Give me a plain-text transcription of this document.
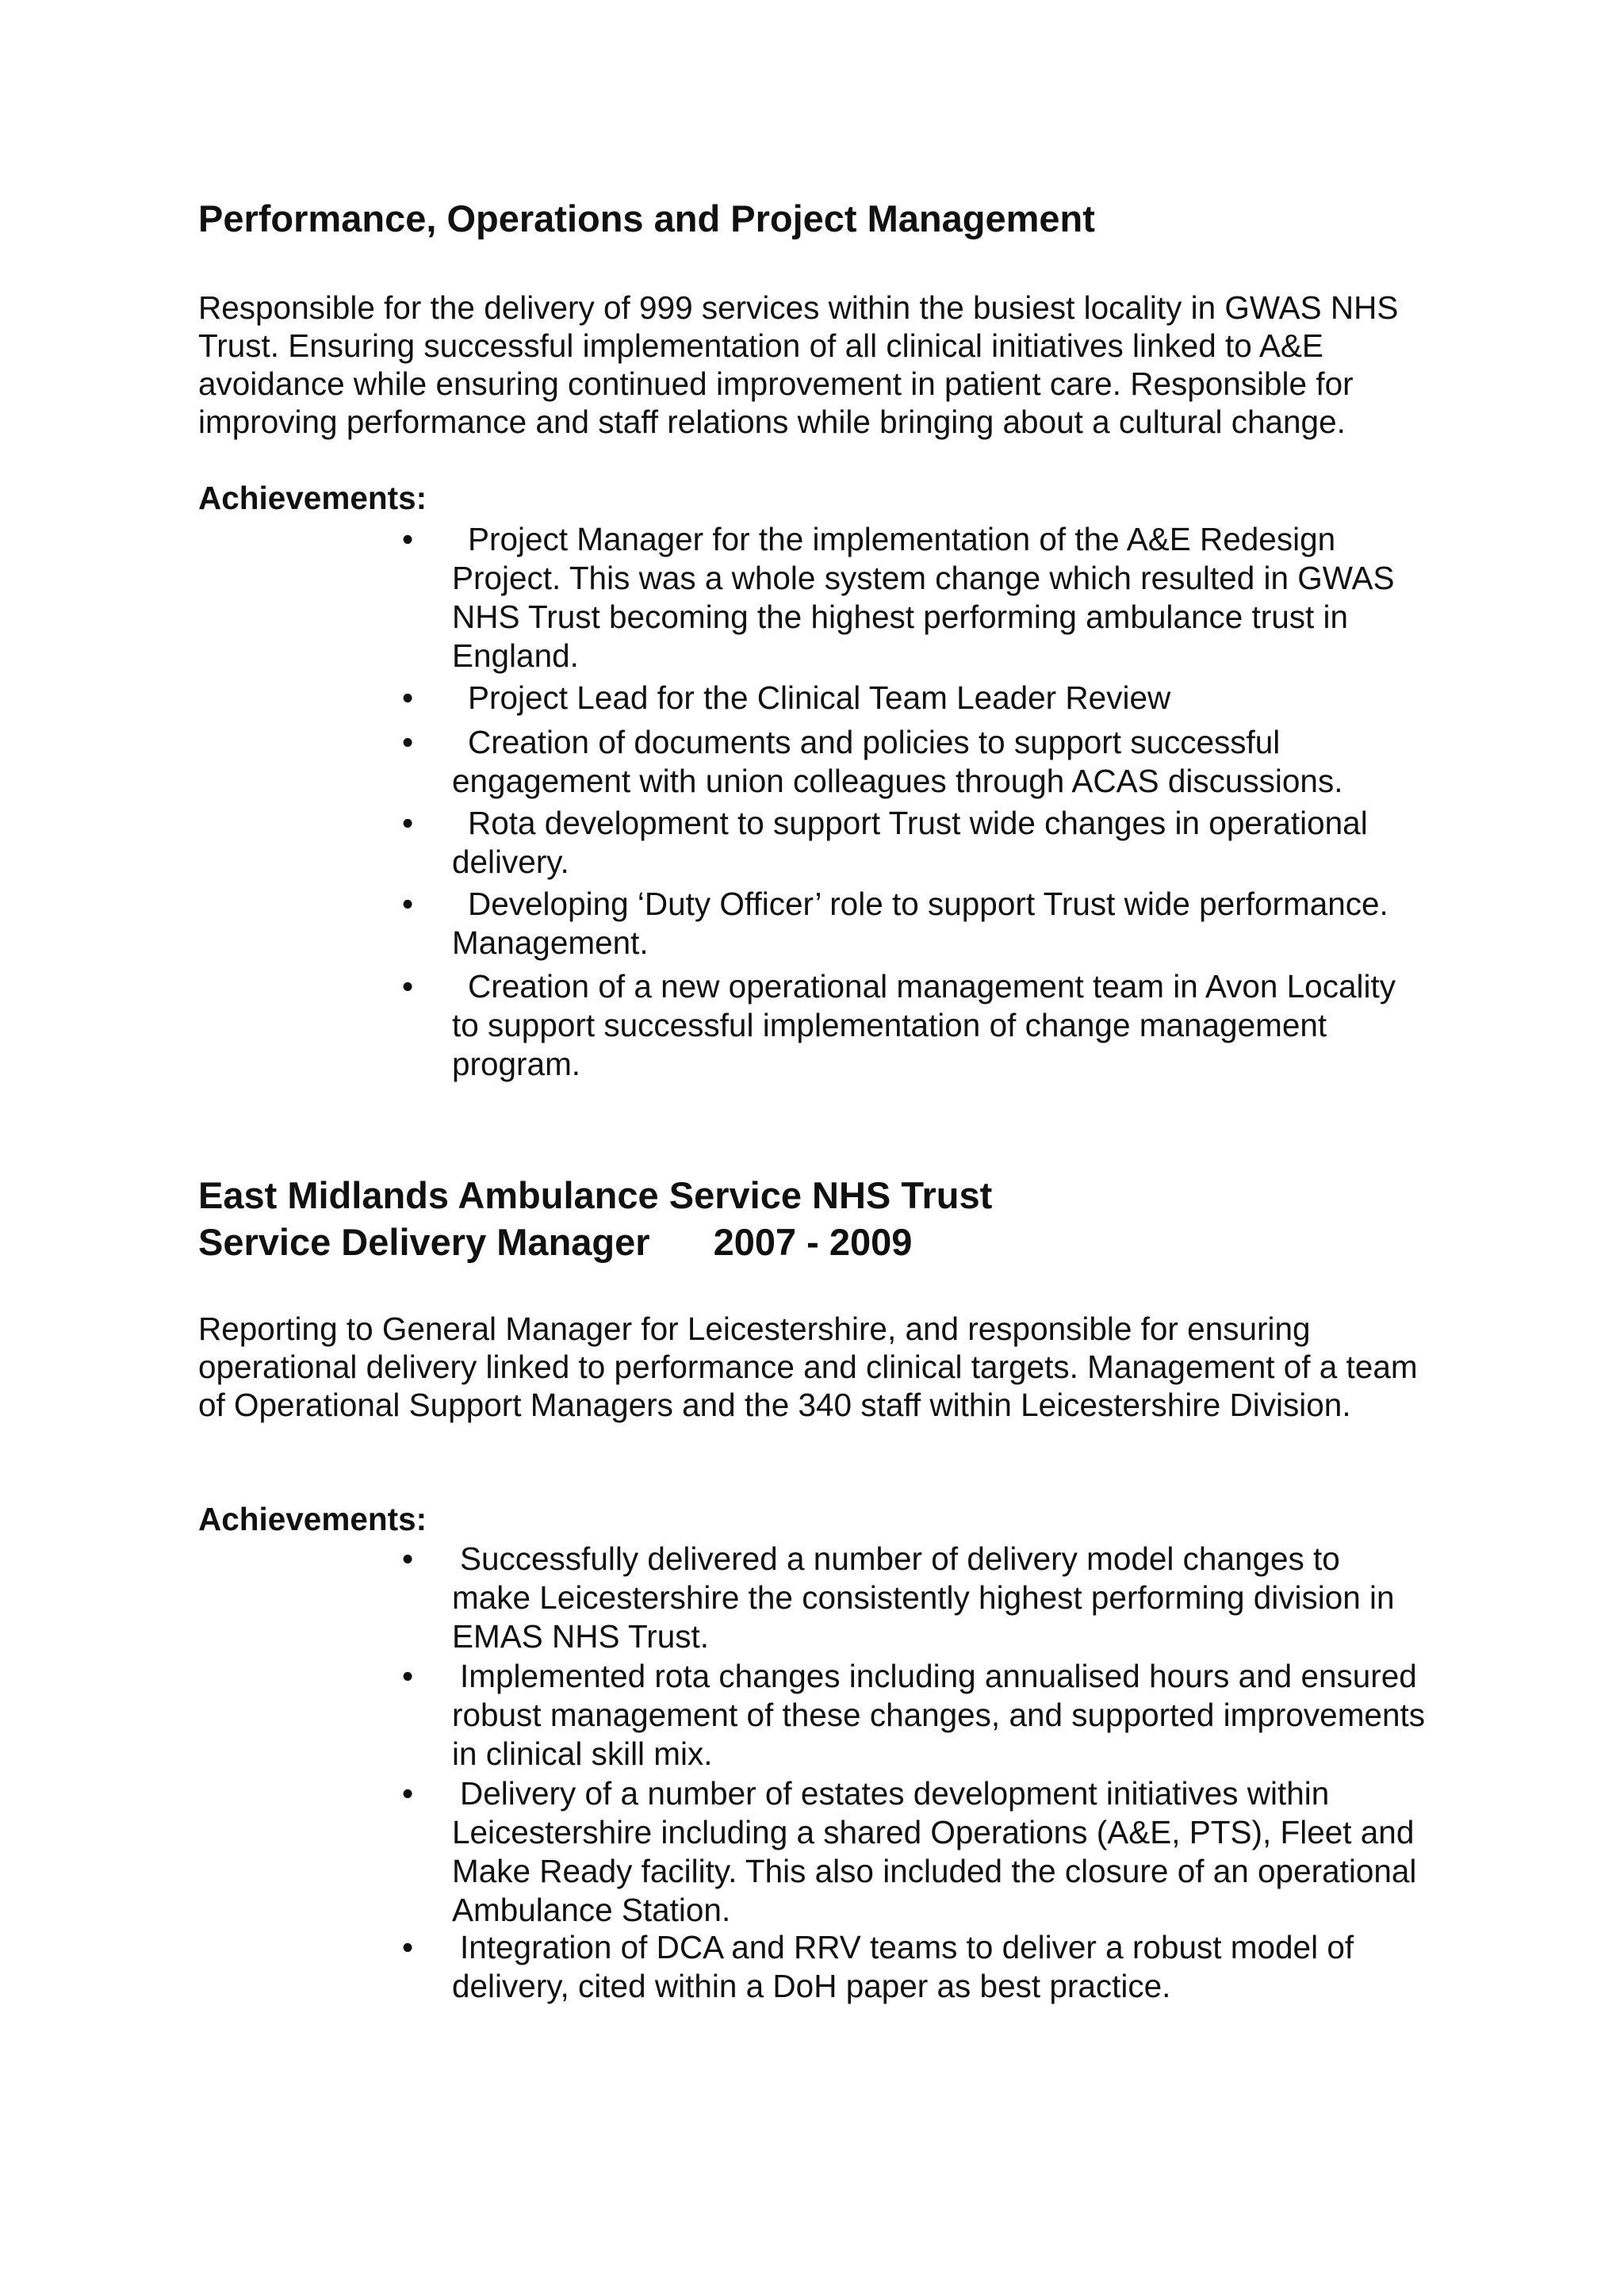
Performance, Operations and Project Management

Responsible for the delivery of 999 services within the busiest locality in GWAS NHS Trust. Ensuring successful implementation of all clinical initiatives linked to A&E avoidance while ensuring continued improvement in patient care. Responsible for improving performance and staff relations while bringing about a cultural change.

Achievements:

•	Project Manager for the implementation of the A&E Redesign Project. This was a whole system change which resulted in GWAS NHS Trust becoming the highest performing ambulance trust in England.

•	Project Lead for the Clinical Team Leader Review

•	Creation of documents and policies to support successful engagement with union colleagues through ACAS discussions.

•	Rota development to support Trust wide changes in operational delivery.

•	Developing ‘Duty Officer’ role to support Trust wide performance. Management.

•	Creation of a new operational management team in Avon Locality to support successful implementation of change management program.

East Midlands Ambulance Service NHS Trust
Service Delivery Manager 2007 - 2009

Reporting to General Manager for Leicestershire, and responsible for ensuring operational delivery linked to performance and clinical targets. Management of a team of Operational Support Managers and the 340 staff within Leicestershire Division.

Achievements:

• Successfully delivered a number of delivery model changes to make Leicestershire the consistently highest performing division in EMAS NHS Trust.

• Implemented rota changes including annualised hours and ensured robust management of these changes, and supported improvements in clinical skill mix.

• Delivery of a number of estates development initiatives within Leicestershire including a shared Operations (A&E, PTS), Fleet and Make Ready facility. This also included the closure of an operational Ambulance Station.

• Integration of DCA and RRV teams to deliver a robust model of delivery, cited within a DoH paper as best practice.
